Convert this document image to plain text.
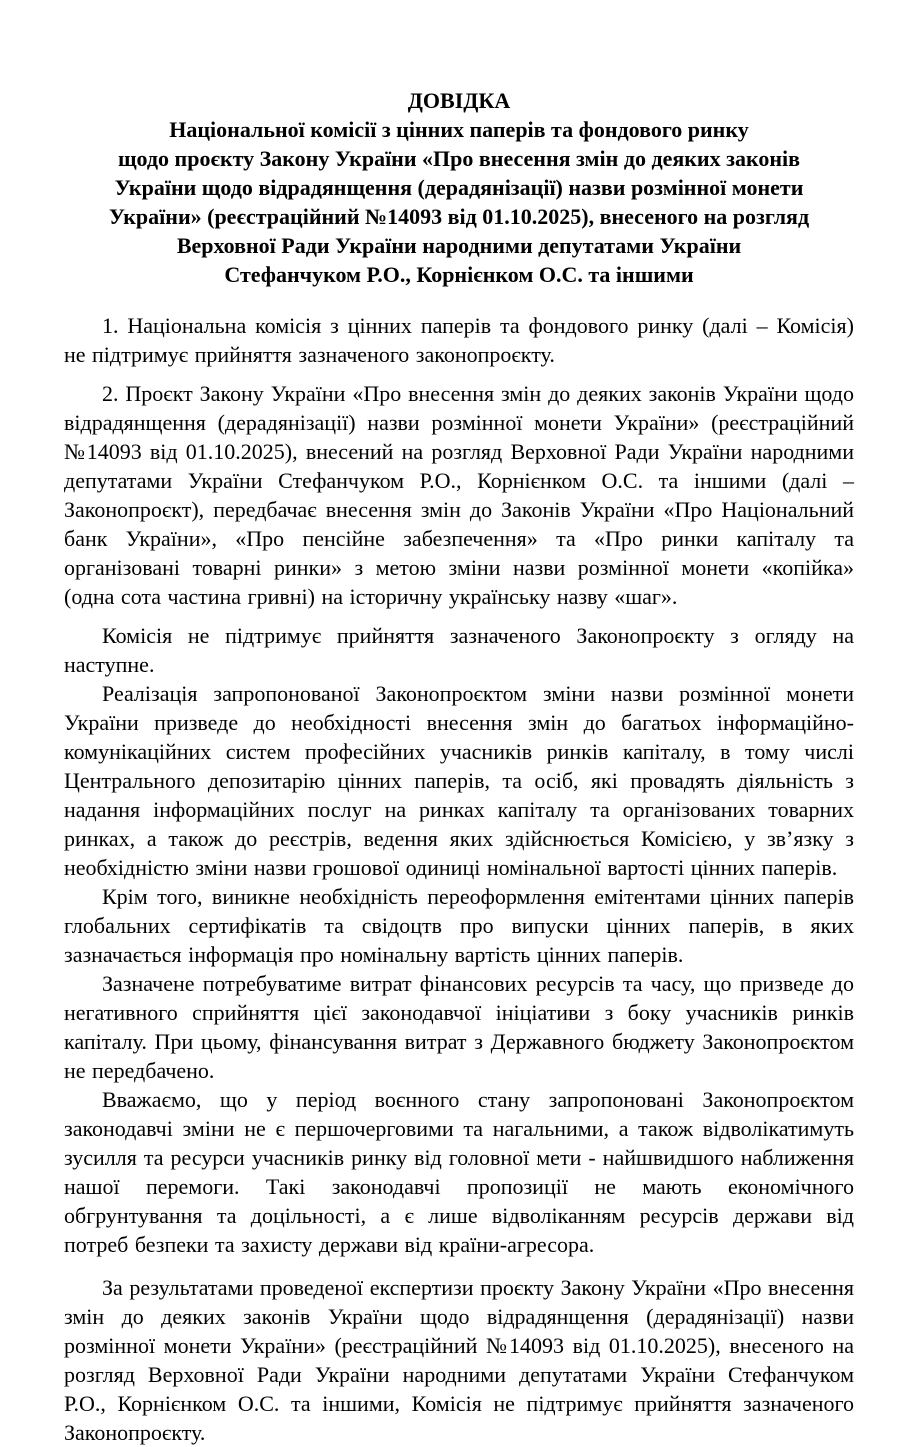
ДОВІДКА
Національної комісії з цінних паперів та фондового ринку
щодо проєкту Закону України «Про внесення змін до деяких законів
України щодо відрадянщення (дерадянізації) назви розмінної монети
України» (реєстраційний №14093 від 01.10.2025), внесеного на розгляд
Верховної Ради України народними депутатами України
Стефанчуком Р.О., Корнієнком О.С. та іншими

1. Національна комісія з цінних паперів та фондового ринку (далі – Комісія) не підтримує прийняття зазначеного законопроєкту.

2. Проєкт Закону України «Про внесення змін до деяких законів України щодо відрадянщення (дерадянізації) назви розмінної монети України» (реєстраційний №14093 від 01.10.2025), внесений на розгляд Верховної Ради України народними депутатами України Стефанчуком Р.О., Корнієнком О.С. та іншими (далі – Законопроєкт), передбачає внесення змін до Законів України «Про Національний банк України», «Про пенсійне забезпечення» та «Про ринки капіталу та організовані товарні ринки» з метою зміни назви розмінної монети «копійка» (одна сота частина гривні) на історичну українську назву «шаг».

Комісія не підтримує прийняття зазначеного Законопроєкту з огляду на наступне.

Реалізація запропонованої Законопроєктом зміни назви розмінної монети України призведе до необхідності внесення змін до багатьох інформаційно-комунікаційних систем професійних учасників ринків капіталу, в тому числі Центрального депозитарію цінних паперів, та осіб, які провадять діяльність з надання інформаційних послуг на ринках капіталу та організованих товарних ринках, а також до реєстрів, ведення яких здійснюється Комісією, у зв’язку з необхідністю зміни назви грошової одиниці номінальної вартості цінних паперів.

Крім того, виникне необхідність переоформлення емітентами цінних паперів глобальних сертифікатів та свідоцтв про випуски цінних паперів, в яких зазначається інформація про номінальну вартість цінних паперів.

Зазначене потребуватиме витрат фінансових ресурсів та часу, що призведе до негативного сприйняття цієї законодавчої ініціативи з боку учасників ринків капіталу. При цьому, фінансування витрат з Державного бюджету Законопроєктом не передбачено.

Вважаємо, що у період воєнного стану запропоновані Законопроєктом законодавчі зміни не є першочерговими та нагальними, а також відволікатимуть зусилля та ресурси учасників ринку від головної мети - найшвидшого наближення нашої перемоги. Такі законодавчі пропозиції не мають економічного обгрунтування та доцільності, а є лише відволіканням ресурсів держави від потреб безпеки та захисту держави від країни-агресора.

За результатами проведеної експертизи проєкту Закону України «Про внесення змін до деяких законів України щодо відрадянщення (дерадянізації) назви розмінної монети України» (реєстраційний №14093 від 01.10.2025), внесеного на розгляд Верховної Ради України народними депутатами України Стефанчуком Р.О., Корнієнком О.С. та іншими, Комісія не підтримує прийняття зазначеного Законопроєкту.
